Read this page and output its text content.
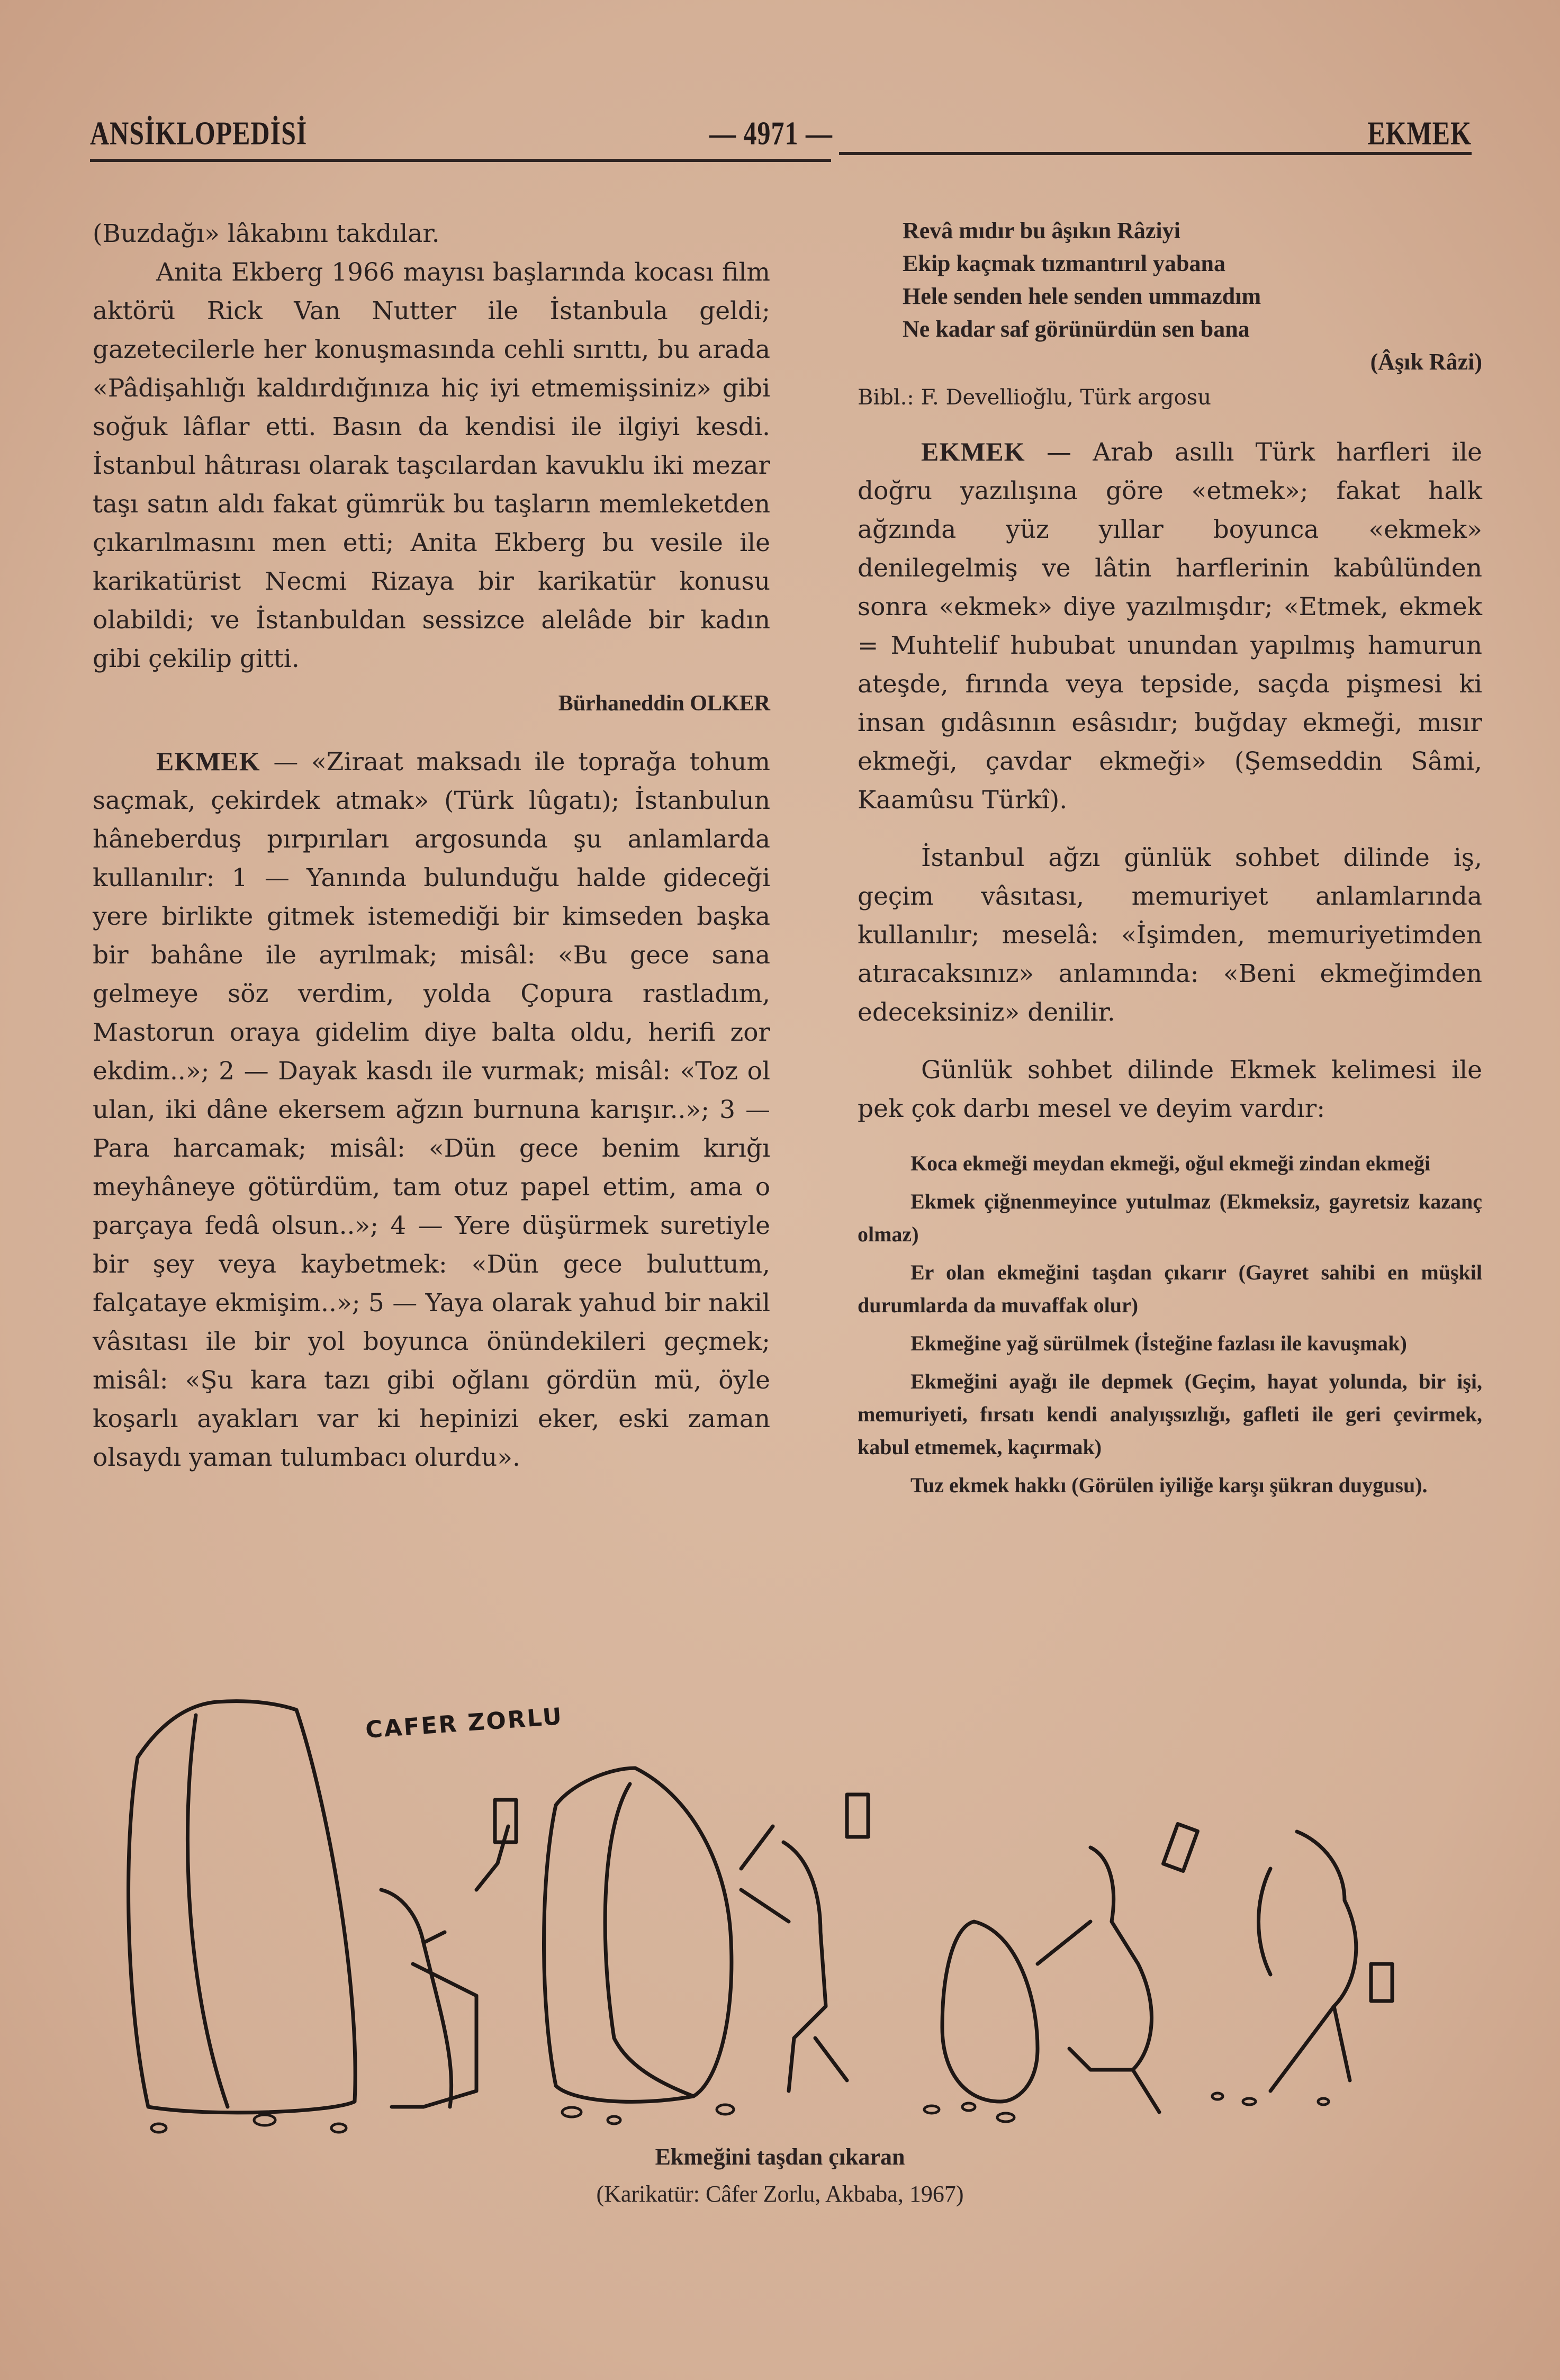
ANSİKLOPEDİSİ	— 4971 —	EKMEK

(Buzdağı» lâkabını takdılar.

Anita Ekberg 1966 mayısı başlarında kocası film aktörü Rick Van Nutter ile İstanbula geldi; gazetecilerle her konuşmasında cehli sırıttı, bu arada «Pâdişahlığı kaldırdığınıza hiç iyi etmemişsiniz» gibi soğuk lâflar etti. Basın da kendisi ile ilgiyi kesdi. İstanbul hâtırası olarak taşcılardan kavuklu iki mezar taşı satın aldı fakat gümrük bu taşların memleketden çıkarılmasını men etti; Anita Ekberg bu vesile ile karikatürist Necmi Rizaya bir karikatür konusu olabildi; ve İstanbuldan sessizce alelâde bir kadın gibi çekilip gitti.

Bürhaneddin OLKER

EKMEK — «Ziraat maksadı ile toprağa tohum saçmak, çekirdek atmak» (Türk lûgatı); İstanbulun hâneberduş pırpırıları argosunda şu anlamlarda kullanılır: 1 — Yanında bulunduğu halde gideceği yere birlikte gitmek istemediği bir kimseden başka bir bahâne ile ayrılmak; misâl: «Bu gece sana gelmeye söz verdim, yolda Çopura rastladım, Mastorun oraya gidelim diye balta oldu, herifi zor ekdim..»; 2 — Dayak kasdı ile vurmak; misâl: «Toz ol ulan, iki dâne ekersem ağzın burnuna karışır..»; 3 — Para harcamak; misâl: «Dün gece benim kırığı meyhâneye götürdüm, tam otuz papel ettim, ama o parçaya fedâ olsun..»; 4 — Yere düşürmek suretiyle bir şey veya kaybetmek: «Dün gece buluttum, falçataye ekmişim..»; 5 — Yaya olarak yahud bir nakil vâsıtası ile bir yol boyunca önündekileri geçmek; misâl: «Şu kara tazı gibi oğlanı gördün mü, öyle koşarlı ayakları var ki hepinizi eker, eski zaman olsaydı yaman tulumbacı olurdu».

Revâ mıdır bu âşıkın Râziyi
Ekip kaçmak tızmantırıl yabana
Hele senden hele senden ummazdım
Ne kadar saf görünürdün sen bana
(Âşık Râzi)

Bibl.: F. Devellioğlu, Türk argosu

EKMEK — Arab asıllı Türk harfleri ile doğru yazılışına göre «etmek»; fakat halk ağzında yüz yıllar boyunca «ekmek» denilegelmiş ve lâtin harflerinin kabûlünden sonra «ekmek» diye yazılmışdır; «Etmek, ekmek = Muhtelif hububat unundan yapılmış hamurun ateşde, fırında veya tepside, saçda pişmesi ki insan gıdâsının esâsıdır; buğday ekmeği, mısır ekmeği, çavdar ekmeği» (Şemseddin Sâmi, Kaamûsu Türkî).

İstanbul ağzı günlük sohbet dilinde iş, geçim vâsıtası, memuriyet anlamlarında kullanılır; meselâ: «İşimden, memuriyetimden atıracaksınız» anlamında: «Beni ekmeğimden edeceksiniz» denilir.

Günlük sohbet dilinde Ekmek kelimesi ile pek çok darbı mesel ve deyim vardır:

Koca ekmeği meydan ekmeği, oğul ekmeği zindan ekmeği

Ekmek çiğnenmeyince yutulmaz (Ekmeksiz, gayretsiz kazanç olmaz)

Er olan ekmeğini taşdan çıkarır (Gayret sahibi en müşkil durumlarda da muvaffak olur)

Ekmeğine yağ sürülmek (İsteğine fazlası ile kavuşmak)

Ekmeğini ayağı ile depmek (Geçim, hayat yolunda, bir işi, memuriyeti, fırsatı kendi analyışsızlığı, gafleti ile geri çevirmek, kabul etmemek, kaçırmak)

Tuz ekmek hakkı (Görülen iyiliğe karşı şükran duygusu).

CAFER ZORLU
Ekmeğini taşdan çıkaran
(Karikatür: Câfer Zorlu, Akbaba, 1967)
